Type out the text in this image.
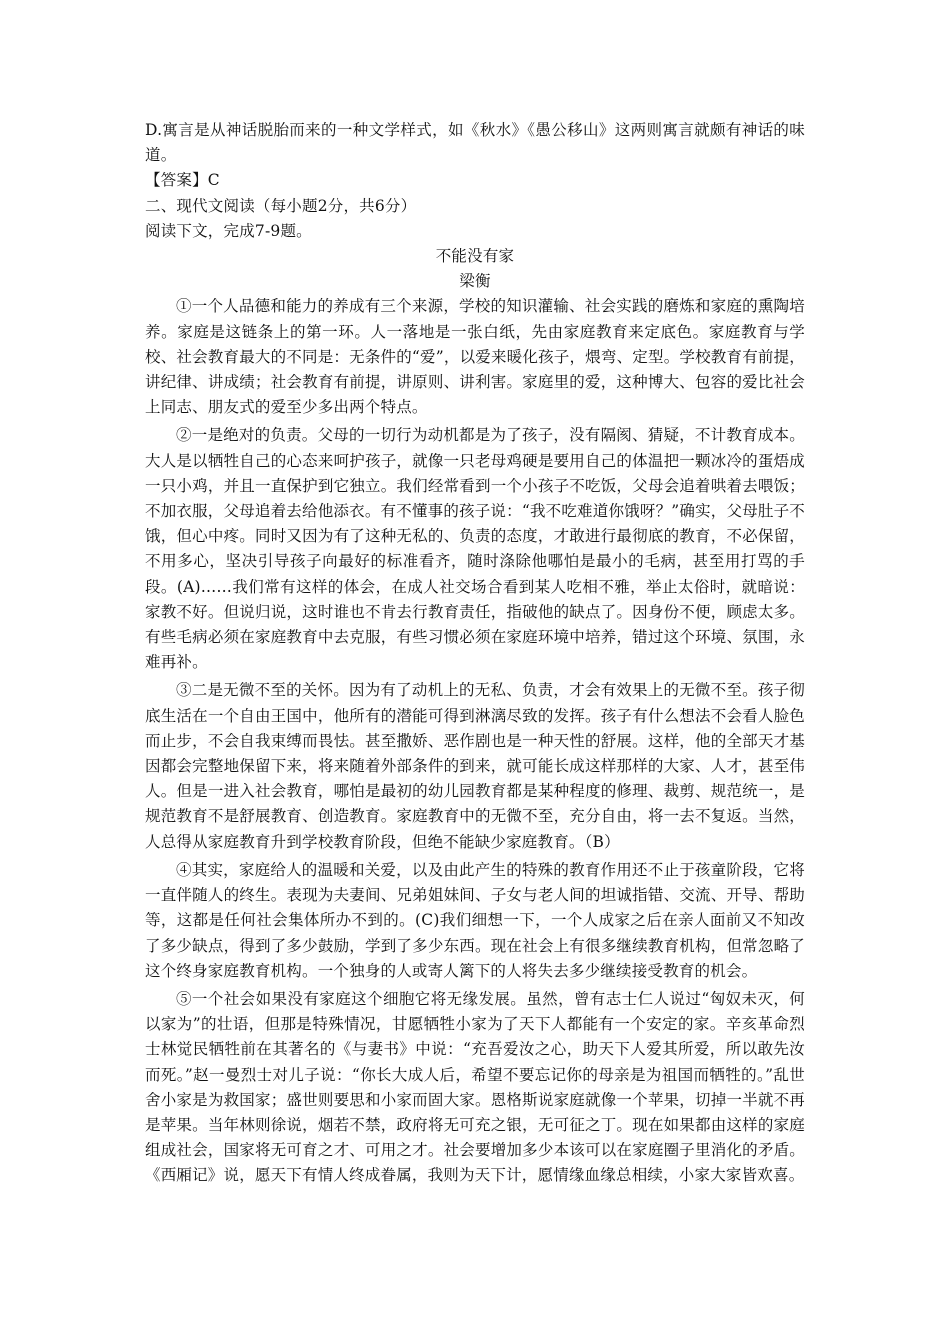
D.寓言是从神话脱胎而来的一种文学样式，如《秋水》《愚公移山》这两则寓言就颇有神话的味道。

【答案】C

二、现代文阅读（每小题2分，共6分）

阅读下文，完成7-9题。

不能没有家

梁衡

①一个人品德和能力的养成有三个来源，学校的知识灌输、社会实践的磨炼和家庭的熏陶培养。家庭是这链条上的第一环。人一落地是一张白纸，先由家庭教育来定底色。家庭教育与学校、社会教育最大的不同是：无条件的“爱”，以爱来暖化孩子，煨弯、定型。学校教育有前提，讲纪律、讲成绩；社会教育有前提，讲原则、讲利害。家庭里的爱，这种博大、包容的爱比社会上同志、朋友式的爱至少多出两个特点。

②一是绝对的负责。父母的一切行为动机都是为了孩子，没有隔阂、猜疑，不计教育成本。大人是以牺牲自己的心态来呵护孩子，就像一只老母鸡硬是要用自己的体温把一颗冰冷的蛋焐成一只小鸡，并且一直保护到它独立。我们经常看到一个小孩子不吃饭，父母会追着哄着去喂饭；不加衣服，父母追着去给他添衣。有不懂事的孩子说：“我不吃难道你饿呀？”确实，父母肚子不饿，但心中疼。同时又因为有了这种无私的、负责的态度，才敢进行最彻底的教育，不必保留，不用多心，坚决引导孩子向最好的标准看齐，随时涤除他哪怕是最小的毛病，甚至用打骂的手段。(A)……我们常有这样的体会，在成人社交场合看到某人吃相不雅，举止太俗时，就暗说：家教不好。但说归说，这时谁也不肯去行教育责任，指破他的缺点了。因身份不便，顾虑太多。有些毛病必须在家庭教育中去克服，有些习惯必须在家庭环境中培养，错过这个环境、氛围，永难再补。

③二是无微不至的关怀。因为有了动机上的无私、负责，才会有效果上的无微不至。孩子彻底生活在一个自由王国中，他所有的潜能可得到淋漓尽致的发挥。孩子有什么想法不会看人脸色而止步，不会自我束缚而畏怯。甚至撒娇、恶作剧也是一种天性的舒展。这样，他的全部天才基因都会完整地保留下来，将来随着外部条件的到来，就可能长成这样那样的大家、人才，甚至伟人。但是一进入社会教育，哪怕是最初的幼儿园教育都是某种程度的修理、裁剪、规范统一，是规范教育不是舒展教育、创造教育。家庭教育中的无微不至，充分自由，将一去不复返。当然，人总得从家庭教育升到学校教育阶段，但绝不能缺少家庭教育。（B）

④其实，家庭给人的温暖和关爱，以及由此产生的特殊的教育作用还不止于孩童阶段，它将一直伴随人的终生。表现为夫妻间、兄弟姐妹间、子女与老人间的坦诚指错、交流、开导、帮助等，这都是任何社会集体所办不到的。(C)我们细想一下，一个人成家之后在亲人面前又不知改了多少缺点，得到了多少鼓励，学到了多少东西。现在社会上有很多继续教育机构，但常忽略了这个终身家庭教育机构。一个独身的人或寄人篱下的人将失去多少继续接受教育的机会。

⑤一个社会如果没有家庭这个细胞它将无缘发展。虽然，曾有志士仁人说过“匈奴未灭，何以家为”的壮语，但那是特殊情况，甘愿牺牲小家为了天下人都能有一个安定的家。辛亥革命烈士林觉民牺牲前在其著名的《与妻书》中说：“充吾爱汝之心，助天下人爱其所爱，所以敢先汝而死。”赵一曼烈士对儿子说：“你长大成人后，希望不要忘记你的母亲是为祖国而牺牲的。”乱世舍小家是为救国家；盛世则要思和小家而固大家。恩格斯说家庭就像一个苹果，切掉一半就不再是苹果。当年林则徐说，烟若不禁，政府将无可充之银，无可征之丁。现在如果都由这样的家庭组成社会，国家将无可育之才、可用之才。社会要增加多少本该可以在家庭圈子里消化的矛盾。《西厢记》说，愿天下有情人终成眷属，我则为天下计，愿情缘血缘总相续，小家大家皆欢喜。
